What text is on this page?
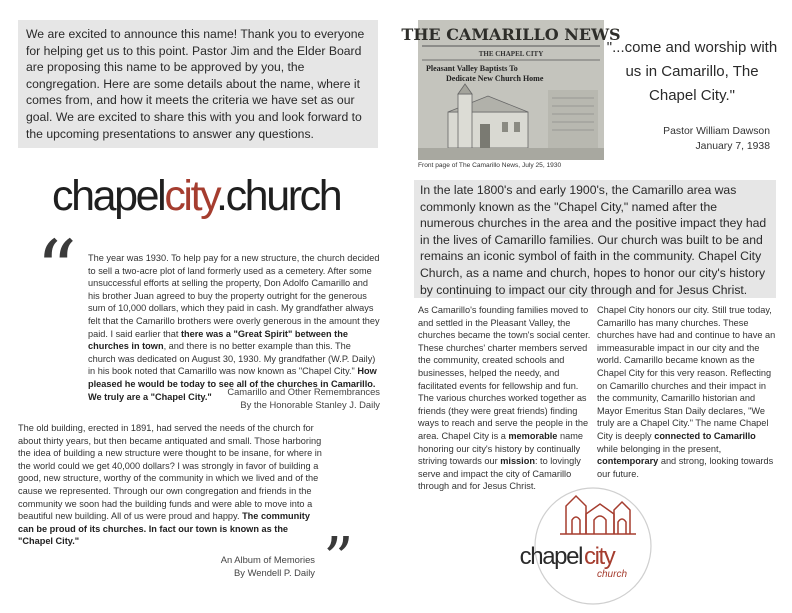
We are excited to announce this name! Thank you to everyone for helping get us to this point. Pastor Jim and the Elder Board are proposing this name to be approved by you, the congregation. Here are some details about the name, where it comes from, and how it meets the criteria we have set as our goal. We are excited to share this with you and look forward to the upcoming presentations to answer any questions.
chapelcity.church
“ The year was 1930. To help pay for a new structure, the church decided to sell a two-acre plot of land formerly used as a cemetery. After some unsuccessful efforts at selling the property, Don Adolfo Camarillo and his brother Juan agreed to buy the property outright for the generous sum of 10,000 dollars, which they paid in cash. My grandfather always felt that the Camarillo brothers were overly generous in the amount they paid. I said earlier that there was a "Great Spirit" between the churches in town, and there is no better example than this. The church was dedicated on August 30, 1930. My grandfather (W.P. Daily) in his book noted that Camarillo was now known as "Chapel City." How pleased he would be today to see all of the churches in Camarillo. We truly are a "Chapel City."	Camarillo and Other Remembrances
By the Honorable Stanley J. Daily
The old building, erected in 1891, had served the needs of the church for about thirty years, but then became antiquated and small. Those harboring the idea of building a new structure were thought to be insane, for where in the world could we get 40,000 dollars? I was strongly in favor of building a good, new structure, worthy of the community in which we lived and of the cause we represented. Through our own congregation and friends in the community we soon had the building funds and were able to move into a beautiful new building. All of us were proud and happy. The community can be proud of its churches. In fact our town is known as the "Chapel City."
An Album of Memories
By Wendell P. Daily ”
THE CAMARILLO NEWS
THE CHAPEL CITY
Pleasant Valley Baptists To
Dedicate New Church Home
Front page of The Camarillo News, July 25, 1930
"...come and worship with us in Camarillo, The Chapel City."
Pastor William Dawson
January 7, 1938
In the late 1800's and early 1900's, the Camarillo area was commonly known as the "Chapel City," named after the numerous churches in the area and the positive impact they had in the lives of Camarillo families. Our church was built to be and remains an iconic symbol of faith in the community. Chapel City Church, as a name and church, hopes to honor our city's history by continuing to impact our city through and for Jesus Christ.
As Camarillo's founding families moved to and settled in the Pleasant Valley, the churches became the town's social center. These churches' charter members served the community, created schools and businesses, helped the needy, and facilitated events for fellowship and fun. The various churches worked together as friends (they were great friends) finding ways to reach and serve the people in the area. Chapel City is a memorable name honoring our city's history by continually striving towards our mission: to lovingly serve and impact the city of Camarillo through and for Jesus Christ.
Chapel City honors our city. Still true today, Camarillo has many churches. These churches have had and continue to have an immeasurable impact in our city and the world. Camarillo became known as the Chapel City for this very reason. Reflecting on Camarillo churches and their impact in the community, Camarillo historian and Mayor Emeritus Stan Daily declares, "We truly are a Chapel City." The name Chapel City is deeply connected to Camarillo while belonging in the present, contemporary and strong, looking towards our future.
chapel city
church
